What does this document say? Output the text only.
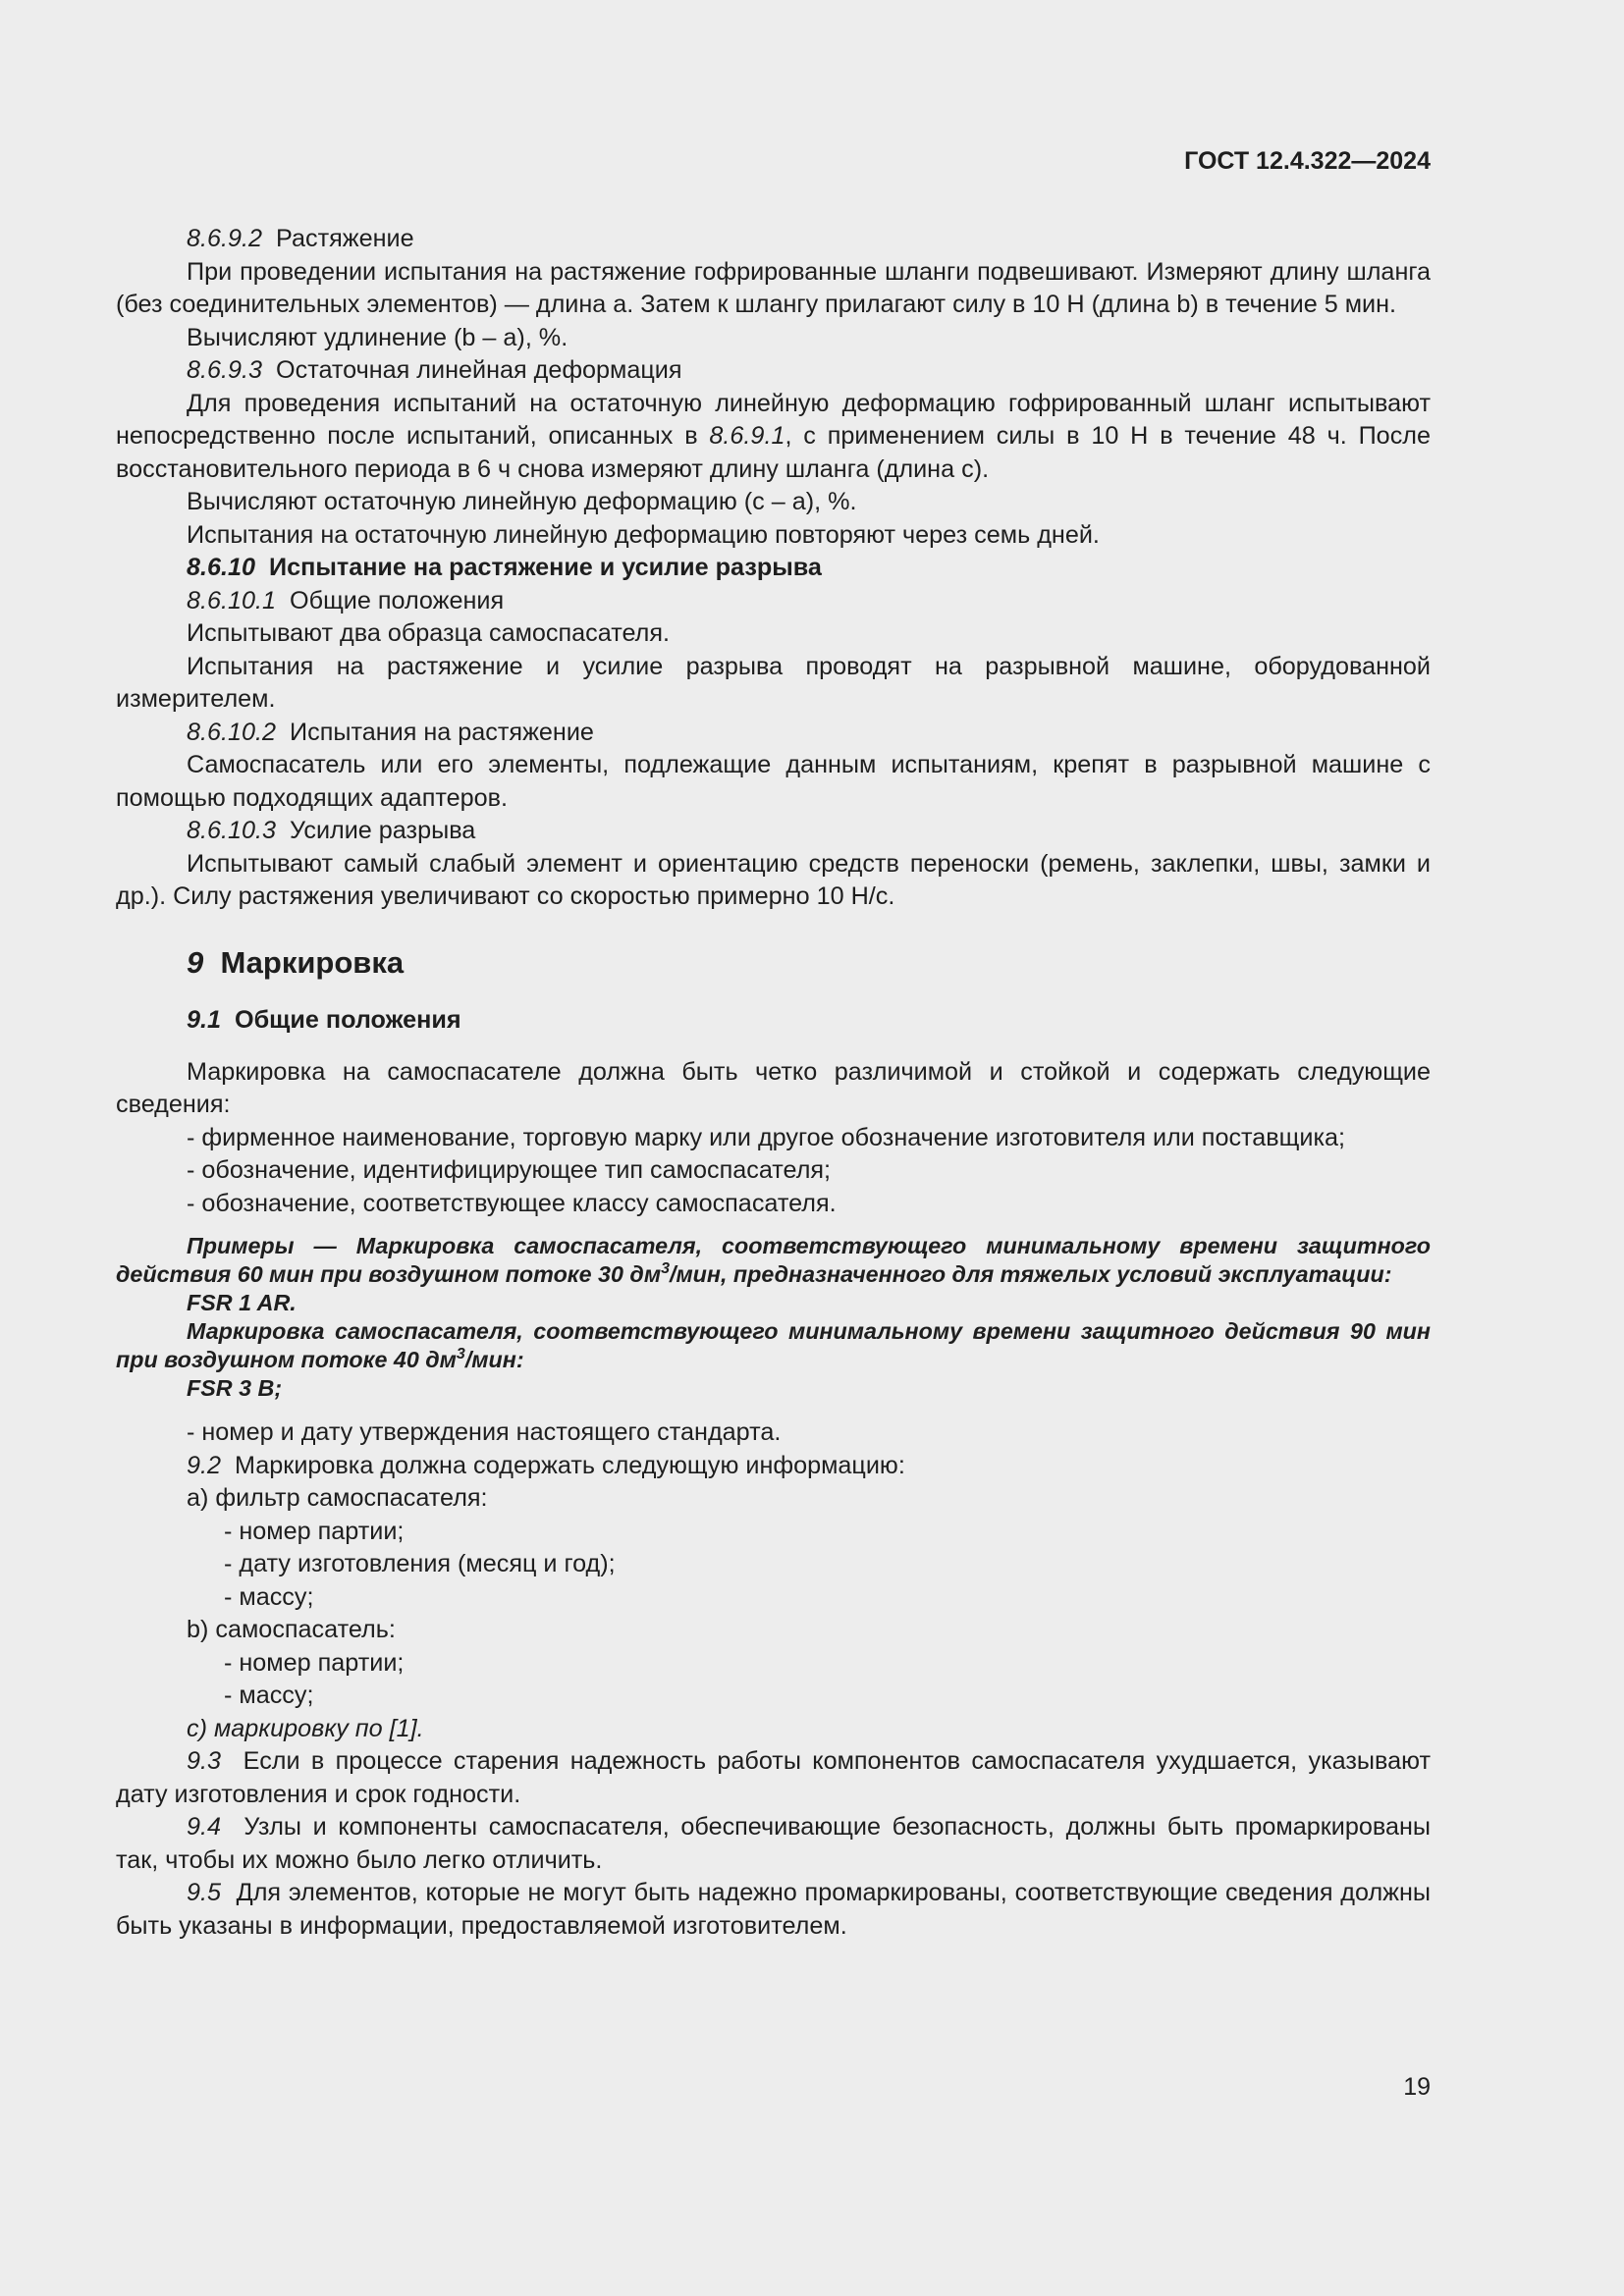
ГОСТ 12.4.322—2024

8.6.9.2 Растяжение

При проведении испытания на растяжение гофрированные шланги подвешивают. Измеряют длину шланга (без соединительных элементов) — длина a. Затем к шлангу прилагают силу в 10 Н (длина b) в течение 5 мин.

Вычисляют удлинение (b – a), %.

8.6.9.3 Остаточная линейная деформация

Для проведения испытаний на остаточную линейную деформацию гофрированный шланг испытывают непосредственно после испытаний, описанных в 8.6.9.1, с применением силы в 10 Н в течение 48 ч. После восстановительного периода в 6 ч снова измеряют длину шланга (длина c).

Вычисляют остаточную линейную деформацию (c – a), %.

Испытания на остаточную линейную деформацию повторяют через семь дней.

8.6.10 Испытание на растяжение и усилие разрыва

8.6.10.1 Общие положения

Испытывают два образца самоспасателя.

Испытания на растяжение и усилие разрыва проводят на разрывной машине, оборудованной измерителем.

8.6.10.2 Испытания на растяжение

Самоспасатель или его элементы, подлежащие данным испытаниям, крепят в разрывной машине с помощью подходящих адаптеров.

8.6.10.3 Усилие разрыва

Испытывают самый слабый элемент и ориентацию средств переноски (ремень, заклепки, швы, замки и др.). Силу растяжения увеличивают со скоростью примерно 10 Н/с.

9 Маркировка
9.1 Общие положения

Маркировка на самоспасателе должна быть четко различимой и стойкой и содержать следующие сведения:

- фирменное наименование, торговую марку или другое обозначение изготовителя или поставщика;

- обозначение, идентифицирующее тип самоспасателя;

- обозначение, соответствующее классу самоспасателя.

Примеры — Маркировка самоспасателя, соответствующего минимальному времени защитного действия 60 мин при воздушном потоке 30 $дм^3$/мин, предназначенного для тяжелых условий эксплуатации:

FSR 1 AR.

Маркировка самоспасателя, соответствующего минимальному времени защитного действия 90 мин при воздушном потоке 40 $дм^3$/мин:

FSR 3 B;

- номер и дату утверждения настоящего стандарта.

9.2 Маркировка должна содержать следующую информацию:

a) фильтр самоспасателя:

- номер партии;

- дату изготовления (месяц и год);

- массу;

b) самоспасатель:

- номер партии;

- массу;

c) маркировку по [1].

9.3 Если в процессе старения надежность работы компонентов самоспасателя ухудшается, указывают дату изготовления и срок годности.

9.4 Узлы и компоненты самоспасателя, обеспечивающие безопасность, должны быть промаркированы так, чтобы их можно было легко отличить.

9.5 Для элементов, которые не могут быть надежно промаркированы, соответствующие сведения должны быть указаны в информации, предоставляемой изготовителем.

19
